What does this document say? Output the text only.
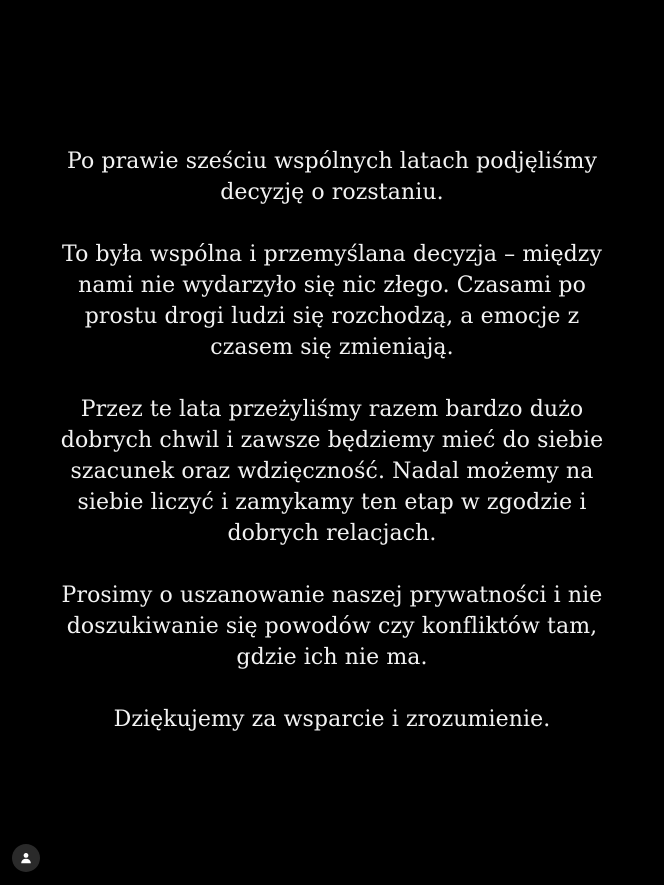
Po prawie sześciu wspólnych latach podjęliśmy
decyzję o rozstaniu.

To była wspólna i przemyślana decyzja – między
nami nie wydarzyło się nic złego. Czasami po
prostu drogi ludzi się rozchodzą, a emocje z
czasem się zmieniają.

Przez te lata przeżyliśmy razem bardzo dużo
dobrych chwil i zawsze będziemy mieć do siebie
szacunek oraz wdzięczność. Nadal możemy na
siebie liczyć i zamykamy ten etap w zgodzie i
dobrych relacjach.

Prosimy o uszanowanie naszej prywatności i nie
doszukiwanie się powodów czy konfliktów tam,
gdzie ich nie ma.

Dziękujemy za wsparcie i zrozumienie.
